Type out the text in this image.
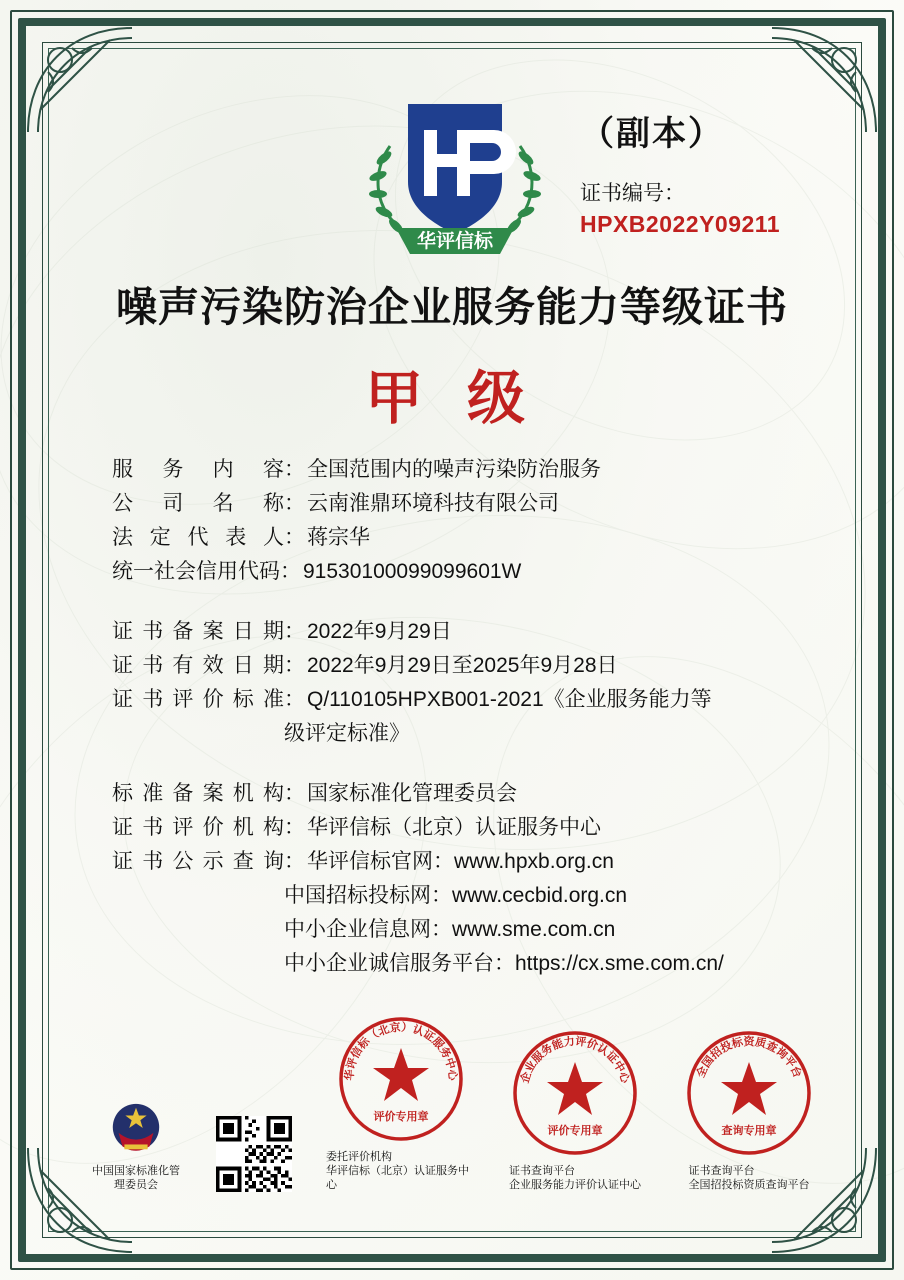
华评信标
（副本）
证书编号：
HPXB2022Y09211
噪声污染防治企业服务能力等级证书
甲 级
服 务 内 容 ： 全国范围内的噪声污染防治服务
公 司 名 称 ： 云南淮鼎环境科技有限公司
法定代表人 ： 蒋宗华
统一社会信用代码 ： 91530100099099601W
证书备案日期 ： 2022年9月29日
证书有效日期 ： 2022年9月29日至2025年9月28日
证书评价标准 ： Q/110105HPXB001-2021《企业服务能力等
级评定标准》
标准备案机构 ： 国家标准化管理委员会
证书评价机构 ： 华评信标（北京）认证服务中心
证书公示查询 ： 华评信标官网：www.hpxb.org.cn
中国招标投标网：www.cecbid.org.cn
中小企业信息网：www.sme.com.cn
中小企业诚信服务平台：https://cx.sme.com.cn/
中国国家标准化管理委员会
华评信标（北京）认证服务中心
评价专用章
委托评价机构
华评信标（北京）认证服务中心
企业服务能力评价认证中心
评价专用章
证书查询平台
企业服务能力评价认证中心
全国招投标资质查询平台
查询专用章
证书查询平台
全国招投标资质查询平台
